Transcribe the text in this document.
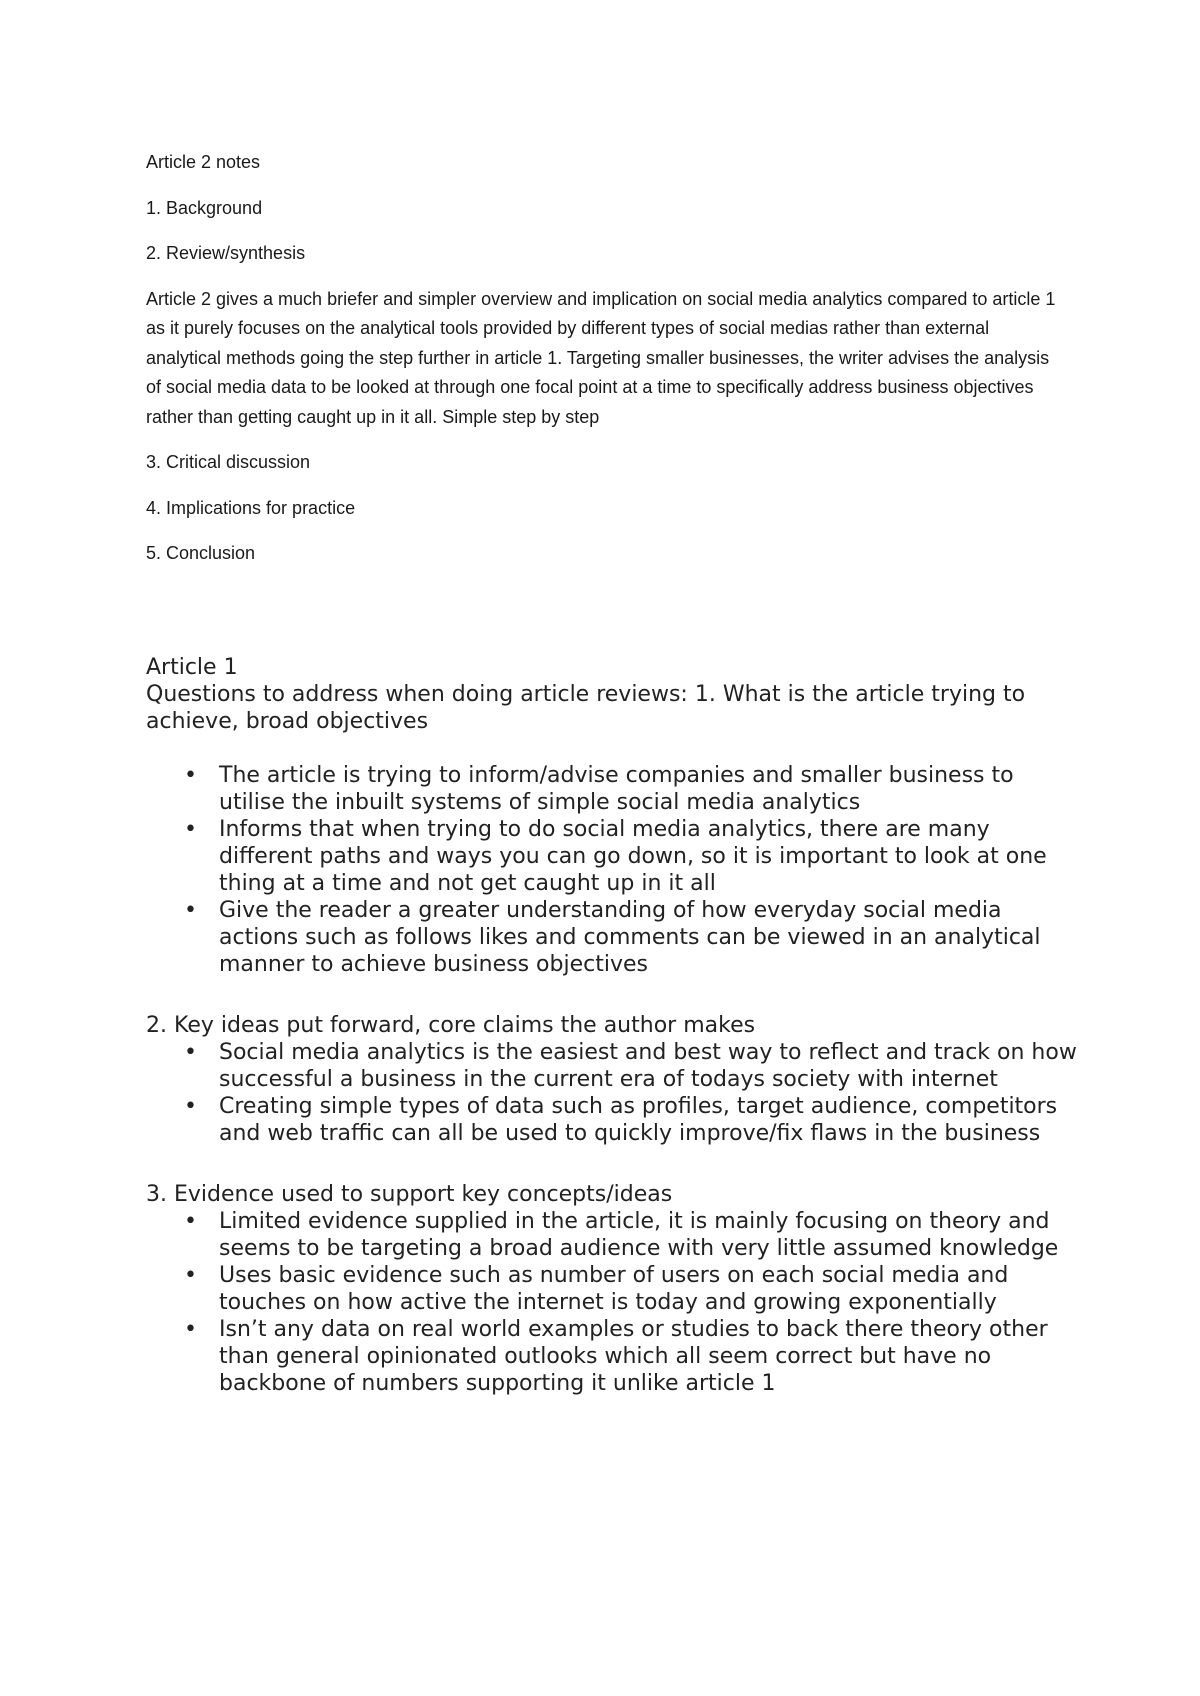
Article 2 notes

1. Background

2. Review/synthesis

Article 2 gives a much briefer and simpler overview and implication on social media analytics compared to article 1 as it purely focuses on the analytical tools provided by different types of social medias rather than external analytical methods going the step further in article 1. Targeting smaller businesses, the writer advises the analysis of social media data to be looked at through one focal point at a time to specifically address business objectives rather than getting caught up in it all. Simple step by step

3. Critical discussion

4. Implications for practice

5. Conclusion

Article 1
Questions to address when doing article reviews: 1. What is the article trying to achieve, broad objectives
• The article is trying to inform/advise companies and smaller business to utilise the inbuilt systems of simple social media analytics
• Informs that when trying to do social media analytics, there are many different paths and ways you can go down, so it is important to look at one thing at a time and not get caught up in it all
• Give the reader a greater understanding of how everyday social media actions such as follows likes and comments can be viewed in an analytical manner to achieve business objectives
2. Key ideas put forward, core claims the author makes
• Social media analytics is the easiest and best way to reflect and track on how successful a business in the current era of todays society with internet
• Creating simple types of data such as profiles, target audience, competitors and web traffic can all be used to quickly improve/fix flaws in the business
3. Evidence used to support key concepts/ideas
• Limited evidence supplied in the article, it is mainly focusing on theory and seems to be targeting a broad audience with very little assumed knowledge
• Uses basic evidence such as number of users on each social media and touches on how active the internet is today and growing exponentially
• Isn’t any data on real world examples or studies to back there theory other than general opinionated outlooks which all seem correct but have no backbone of numbers supporting it unlike article 1
